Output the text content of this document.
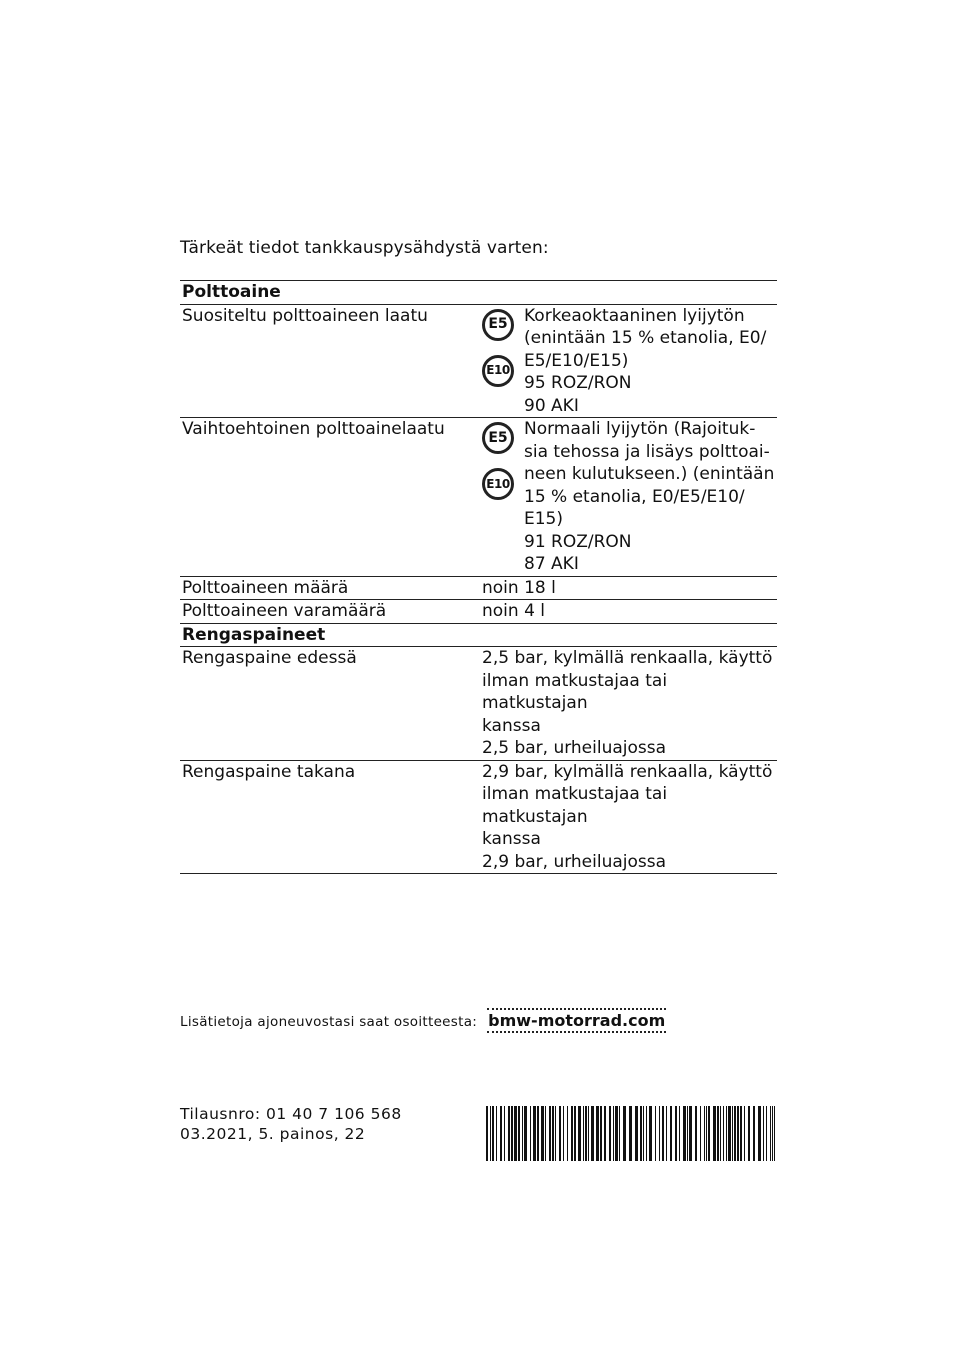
Tärkeät tiedot tankkauspysähdystä varten:
Polttoaine
Suositeltu polttoaineen laatu	E5
E10
Korkeaoktaaninen lyijytön
(enintään 15 % etanolia, E0/
E5/E10/E15)
95 ROZ/RON
90 AKI
Vaihtoehtoinen polttoainelaatu	E5
E10
Normaali lyijytön (Rajoituk-
sia tehossa ja lisäys polttoai-
neen kulutukseen.) (enintään
15 % etanolia, E0/E5/E10/
E15)
91 ROZ/RON
87 AKI
Polttoaineen määrä	noin 18 l
Polttoaineen varamäärä	noin 4 l
Rengaspaineet
Rengaspaine edessä	2,5 bar, kylmällä renkaalla, käyttö
ilman matkustajaa tai matkustajan
kanssa
2,5 bar, urheiluajossa
Rengaspaine takana	2,9 bar, kylmällä renkaalla, käyttö
ilman matkustajaa tai matkustajan
kanssa
2,9 bar, urheiluajossa
Lisätietoja ajoneuvostasi saat osoitteesta: bmw-motorrad.com
Tilausnro: 01 40 7 106 568
03.2021, 5. painos, 22
